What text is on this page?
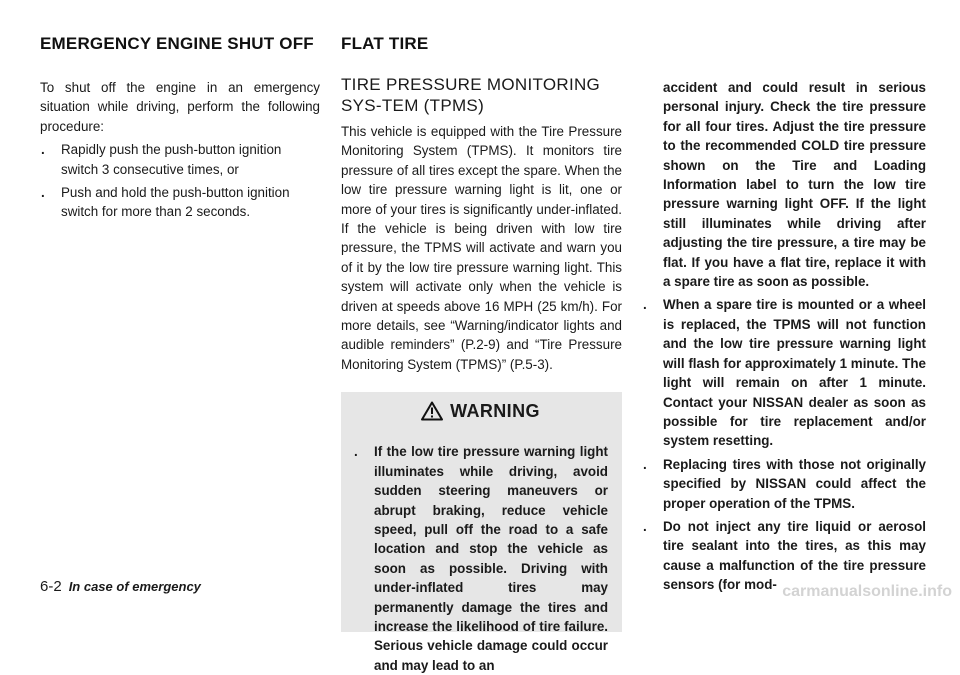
EMERGENCY ENGINE SHUT OFF FLAT TIRE

To shut off the engine in an emergency situation while driving, perform the following procedure:

. Rapidly push the push-button ignition switch 3 consecutive times, or
. Push and hold the push-button ignition switch for more than 2 seconds.
TIRE PRESSURE MONITORING SYS-TEM (TPMS)

This vehicle is equipped with the Tire Pressure Monitoring System (TPMS). It monitors tire pressure of all tires except the spare. When the low tire pressure warning light is lit, one or more of your tires is significantly under-inflated. If the vehicle is being driven with low tire pressure, the TPMS will activate and warn you of it by the low tire pressure warning light. This system will activate only when the vehicle is driven at speeds above 16 MPH (25 km/h). For more details, see “Warning/indicator lights and audible reminders” (P.2-9) and “Tire Pressure Monitoring System (TPMS)” (P.5-3).

WARNING
. If the low tire pressure warning light illuminates while driving, avoid sudden steering maneuvers or abrupt braking, reduce vehicle speed, pull off the road to a safe location and stop the vehicle as soon as possible. Driving with under-inflated tires may permanently damage the tires and increase the likelihood of tire failure. Serious vehicle damage could occur and may lead to an

accident and could result in serious personal injury. Check the tire pressure for all four tires. Adjust the tire pressure to the recommended COLD tire pressure shown on the Tire and Loading Information label to turn the low tire pressure warning light OFF. If the light still illuminates while driving after adjusting the tire pressure, a tire may be flat. If you have a flat tire, replace it with a spare tire as soon as possible.

. When a spare tire is mounted or a wheel is replaced, the TPMS will not function and the low tire pressure warning light will flash for approximately 1 minute. The light will remain on after 1 minute. Contact your NISSAN dealer as soon as possible for tire replacement and/or system resetting.
. Replacing tires with those not originally specified by NISSAN could affect the proper operation of the TPMS.
. Do not inject any tire liquid or aerosol tire sealant into the tires, as this may cause a malfunction of the tire pressure sensors (for mod-
6-2 In case of emergency	carmanualsonline.info
